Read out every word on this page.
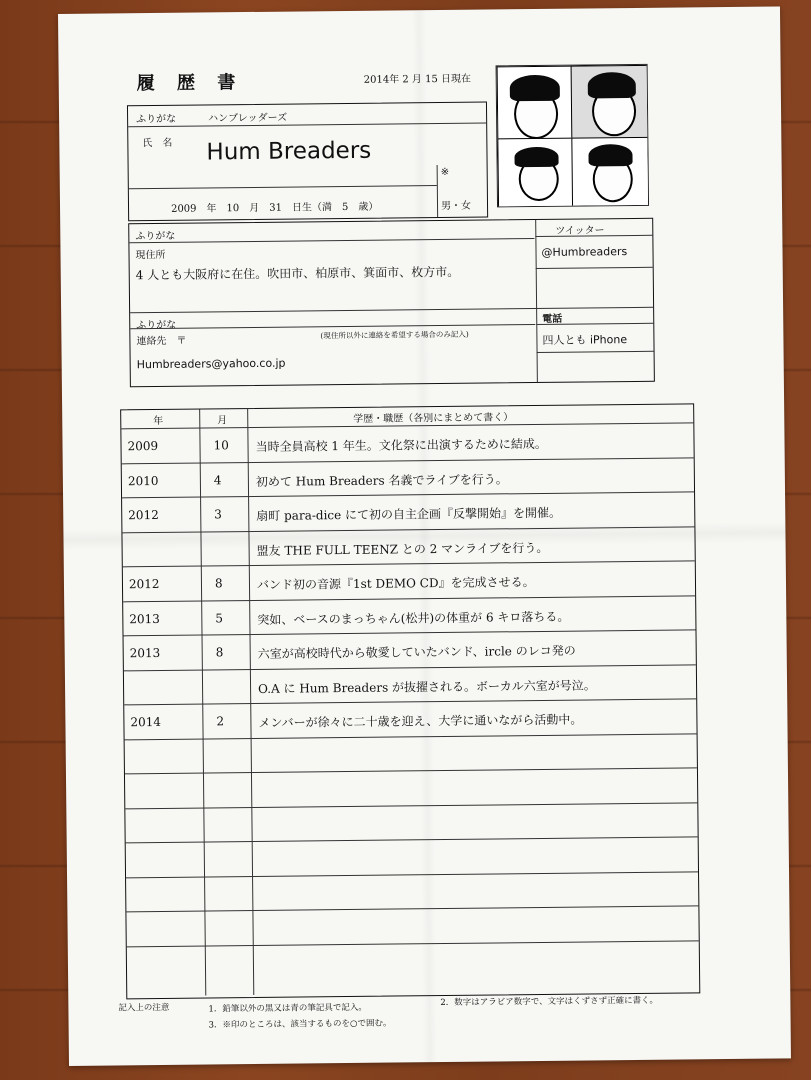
履 歴 書	2014年 2 月 15 日現在
ふりがな	ハンブレッダーズ
氏　名 Hum Breaders
※
2009　年　10　月　31　日生（満　5　歳）	男・女
ふりがな
現住所
4 人とも大阪府に在住。吹田市、柏原市、箕面市、枚方市。
ふりがな
連絡先　〒
(現住所以外に連絡を希望する場合のみ記入)
Humbreaders@yahoo.co.jp
ツイッター
@Humbreaders
電話
四人とも iPhone
年	月	学歴・職歴（各別にまとめて書く）
2009	10 当時全員高校 1 年生。文化祭に出演するために結成。
2010	4	初めて Hum Breaders 名義でライブを行う。
2012	3	扇町 para-dice にて初の自主企画『反撃開始』を開催。
盟友 THE FULL TEENZ との 2 マンライブを行う。
2012	8	バンド初の音源『1st DEMO CD』を完成させる。
2013	5	突如、ベースのまっちゃん(松井)の体重が 6 キロ落ちる。
2013	8	六室が高校時代から敬愛していたバンド、ircle のレコ発の
O.A に Hum Breaders が抜擢される。ボーカル六室が号泣。
2014	2	メンバーが徐々に二十歳を迎え、大学に通いながら活動中。
記入上の注意	1．鉛筆以外の黒又は青の筆記具で記入。
2．数字はアラビア数字で、文字はくずさず正確に書く。
3．※印のところは、該当するものを○で囲む。
